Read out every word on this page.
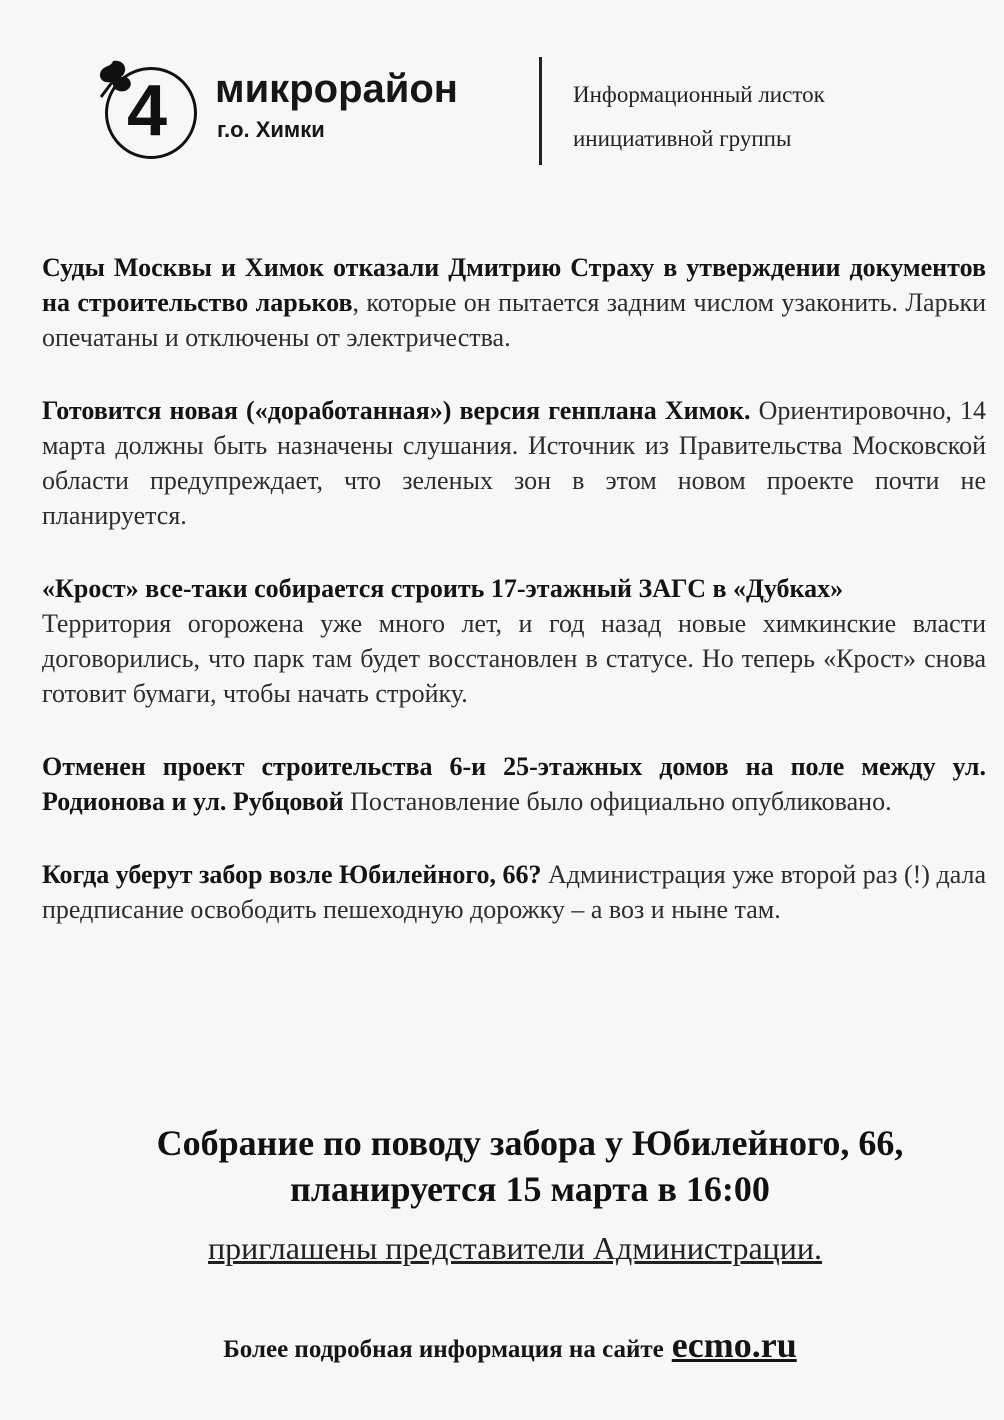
4 микрорайон
г.о. Химки
Информационный листок
инициативной группы

Суды Москвы и Химок отказали Дмитрию Страху в утверждении документов на строительство ларьков, которые он пытается задним числом узаконить. Ларьки опечатаны и отключены от электричества.

Готовится новая («доработанная») версия генплана Химок. Ориентировочно, 14 марта должны быть назначены слушания. Источник из Правительства Московской области предупреждает, что зеленых зон в этом новом проекте почти не планируется.

«Крост» все-таки собирается строить 17-этажный ЗАГС в «Дубках»
Территория огорожена уже много лет, и год назад новые химкинские власти договорились, что парк там будет восстановлен в статусе. Но теперь «Крост» снова готовит бумаги, чтобы начать стройку.

Отменен проект строительства 6-и 25-этажных домов на поле между ул. Родионова и ул. Рубцовой Постановление было официально опубликовано.

Когда уберут забор возле Юбилейного, 66? Администрация уже второй раз (!) дала предписание освободить пешеходную дорожку – а воз и ныне там.

Собрание по поводу забора у Юбилейного, 66,
планируется 15 марта в 16:00
приглашены представители Администрации.
Более подробная информация на сайте ecmo.ru
